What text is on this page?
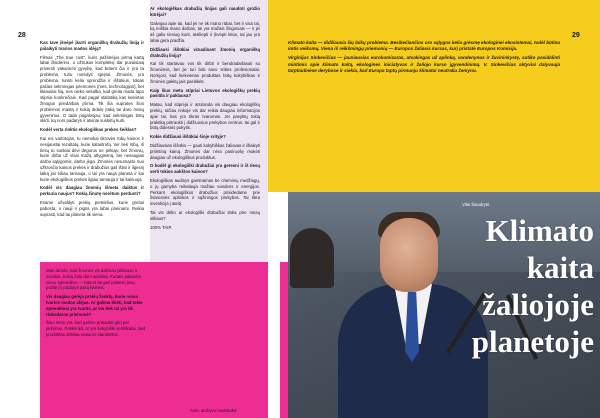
28	29

Kas tave įkvėpė įkurti organišką drabužių liniją ir palaikyti tvarios mados idėją?

Filmas „The true cost“, kuris pažiūrėjus pirmą kartą labai išsiderino, o užtrukus kompleksį dar puvaisiaią priversti vakarinėti gyvybę, kad būtent čia ir yra ta problema, turiu norėdyti spręsti. Žmonės, yra problema, turinti kelia sprendžia ir iššūkius, tokias pačias sėkmingas priemones (mes, technologijos), bet tikiausiai šią, nes nieko nekalba, kad greita mada tapo stipriai konkrečiais. Kad pagal statistiką kas ketvirtas žmogus priedarbas pirma. Tik šia supratęs šios problemos mastą ir kokią didelę įtaką tai daro mūsų gyvenimui. O tada pagalvojau, kad sėkmingas būtų skirti, ką nors padaryti ir atviriai suskirtų kurti.

Kodėl verta rinktis ekologiškas prekes šeiklas?

Kai esi vartotojas, tu nemokai tikrovės rūbų kainos ir nesijaustai rezultatų, kurie katastrofą. Ver tiek rūbų, iš tiesų tu sunkiai dėvi degurus ne pirkiąs, bet žmonių, kurie dirba už visai mažą atlyginimą, bei nesaugias darbo sąlygomis, darbo jėga. Žmonės nesumąsto nuo užkrosčio kainos prekės ir drabužius gali ištisi ir ilgesnį laiką jos toliau tarnauja, o tai yra nauja planeta ir kai kurie ekologiškos prekės ilgiau tarnauja ir tai kainuoja.

Kodėl vis daugiau žmonių išmeta daiktus ir perkuria naujus? Kokią žinutę norėtum perduoti?

Esame užvaldyti prekių perteklius, kurie greitai pabosta, o nauji ir pigūs yra labai prieinami. Reikia suprasti, kad tai planeta tik viena.

Man atrodo, kad žmonės vis dažniau įsiklauso ir suvokia, kokią žalą daro aplinkai. Kartais pakanka vieno sprendimo — būtent tai gali pakeisti jūsų požiūrį ir padaryti įtaką kitiems.

Vis daugiau gerėja prekių ženklų, kurie remia tvarios mados idėjas. Ar galima tikėti, kad tokie sprendimai yra tvarūs, ar vis tiek tai yra tik rinkodaros priemonė?

Šiuo metu yra, kad galime pritraukti gėrį per pirkimus. Patikrinkit, ar yra kokybiški sertifikatai, kad produktas atitinka tvarumo standartus.

Ar ekologiškas drabužių linijas gali naudoti grožio kūrėjai?

Galvojau apie tai, kad jei ne tik mano rūbai, bet ir visa tai, ką reiškia mano darbas, tai yra mažais žingsniais — ir jei aš galiu tiesiog kurti, atsiliepti ir įkvėpti kitus, tai jau yra labai gera pradžia.

Didžiausi iššūkiai vizualinant žmonių organišką drabužių liniją?

Kai tik startavau vos tik dirbti ir bendradarbiauti su žmonėmis, bet jie turi būti savo srities profesionalai. Norėjosi, kad kiekvienas produktas būtų kokybiškas ir žmonės galėtų jais pasitikėti.

Kaip šiuo metu stipriai Lietuvos ekologiškų prekių pasiūla ir paklausa?

Matau, kad stiprėja ir atsiranda vis daugiau ekologiškų prekių, tačiau rinkoje vis dar reikia daugiau informacijos apie tai, kas yra tikras tvarumas. Jei pavyktų tokią praktiką pritraukti į didžiuosius prekybos centrus, tai gal ir būtų didesnis pokytis.

Kokie didžiausi iššūkiai šioje srityje?

Didžiausias iššūkis — gauti kokybiškas žaliavas ir išlaikyti priimtiną kainą. Žmonės dar nėra pasiruošę mokėti daugiau už ekologiškus produktus.

O kodėl gi ekologiški drabužiai yra geresni ir iš tiesų verti tokios aukštos kainos?

Ekologiškas audinys gaminamas be cheminių medžiagų, o jų gamyba reikalauja mažiau vandens ir energijos. Perkant ekologiškus drabužius prisidedame prie švaresnės aplinkos ir sąžiningos prekybos. Tai tikra investicija į ateitį.

Tai vis dėlto ar ekologiški drabužiai tinka prie mūsų stiliaus?

100% TAIP.

Klimato kaita — didžiausia šių laikų problema. Besikečiančios oro sąlygos kelia grėsmę ekologinei ekosistemai, todėl būtina imtis veiksmų. Viena iš reikšmingų priemonių — Europos žaliasis kursas, kurį pristatė Europos Komisija.

Virginijus Sinkevičius — jauniausias eurokomisaras, atsakingas už aplinką, vandenynus ir žuvininkystę, sutiko pasidalinti mintimis apie klimato kaitą, ekologines iniciatyvas ir žaliojo kurso įgyvendinimą. V. Sinkevičius aktyviai dalyvauja tarptautinėse derybose ir siekia, kad Europa taptų pirmuoju klimatui neutraliu žemynu.

Vitis Šiaudrytė
Klimato
kaita
žaliojoje
planetoje
Asm. archyvo nuotrauka
